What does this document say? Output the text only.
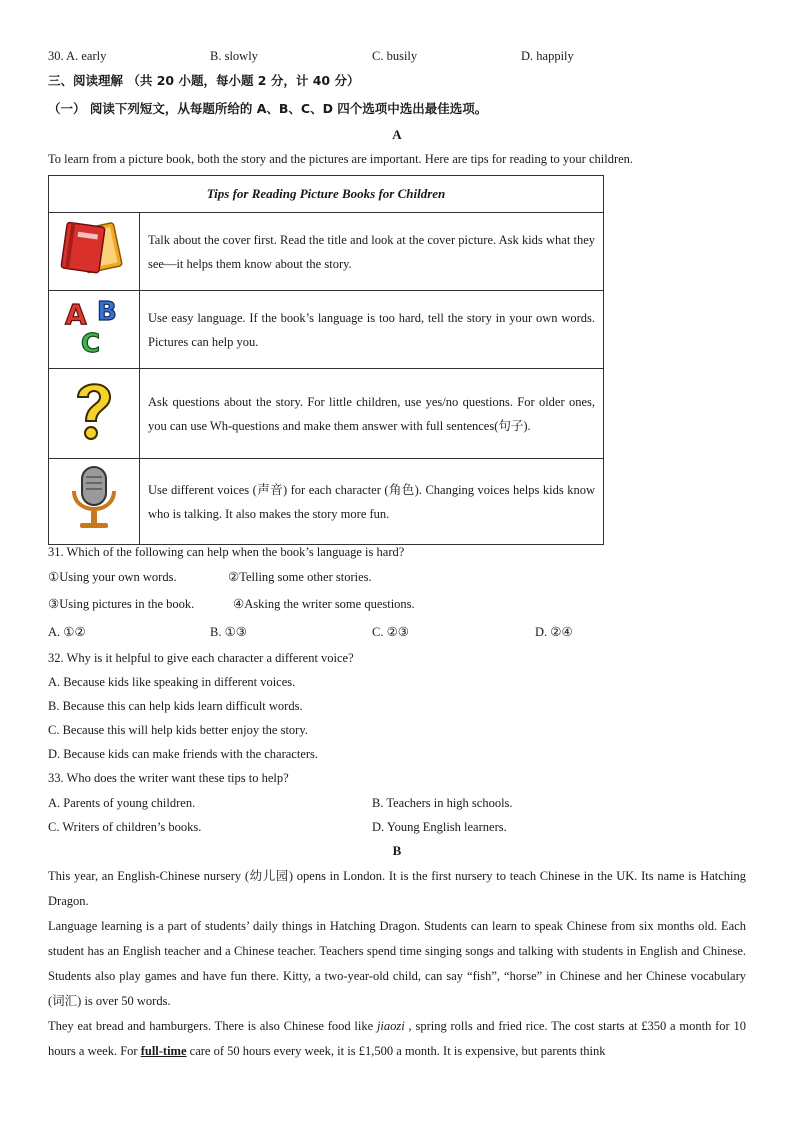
30. A. early	B. slowly	C. busily	D. happily
三、阅读理解 （共 20 小题，每小题 2 分，计 40 分）
（一） 阅读下列短文，从每题所给的 A、B、C、D 四个选项中选出最佳选项。
A
To learn from a picture book, both the story and the pictures are important. Here are tips for reading to your children.
Tips for Reading Picture Books for Children	
	Talk about the cover first. Read the title and look at the cover picture. Ask kids what they see—it helps them know about the story.

A B
C	Use easy language. If the book’s language is too hard, tell the story in your own words. Pictures can help you.
	Ask questions about the story. For little children, use yes/no questions. For older ones, you can use Wh-questions and make them answer with full sentences(句子).
	Use different voices (声音) for each character (角色). Changing voices helps kids know who is talking. It also makes the story more fun.
31. Which of the following can help when the book’s language is hard?
①Using your own words.	②Telling some other stories.
③Using pictures in the book.	④Asking the writer some questions.
A. ①②	B. ①③	C. ②③	D. ②④
32. Why is it helpful to give each character a different voice?
A. Because kids like speaking in different voices.
B. Because this can help kids learn difficult words.
C. Because this will help kids better enjoy the story.
D. Because kids can make friends with the characters.
33. Who does the writer want these tips to help?
A. Parents of young children.	B. Teachers in high schools.
C. Writers of children’s books.	D. Young English learners.
B
This year, an English-Chinese nursery (幼儿园) opens in London. It is the first nursery to teach Chinese in the UK. Its name is Hatching Dragon.
Language learning is a part of students’ daily things in Hatching Dragon. Students can learn to speak Chinese from six months old. Each student has an English teacher and a Chinese teacher. Teachers spend time singing songs and talking with students in English and Chinese. Students also play games and have fun there. Kitty, a two-year-old child, can say “fish”, “horse” in Chinese and her Chinese vocabulary (词汇) is over 50 words.
They eat bread and hamburgers. There is also Chinese food like jiaozi , spring rolls and fried rice. The cost starts at £350 a month for 10 hours a week. For full-time care of 50 hours every week, it is £1,500 a month. It is expensive, but parents think
